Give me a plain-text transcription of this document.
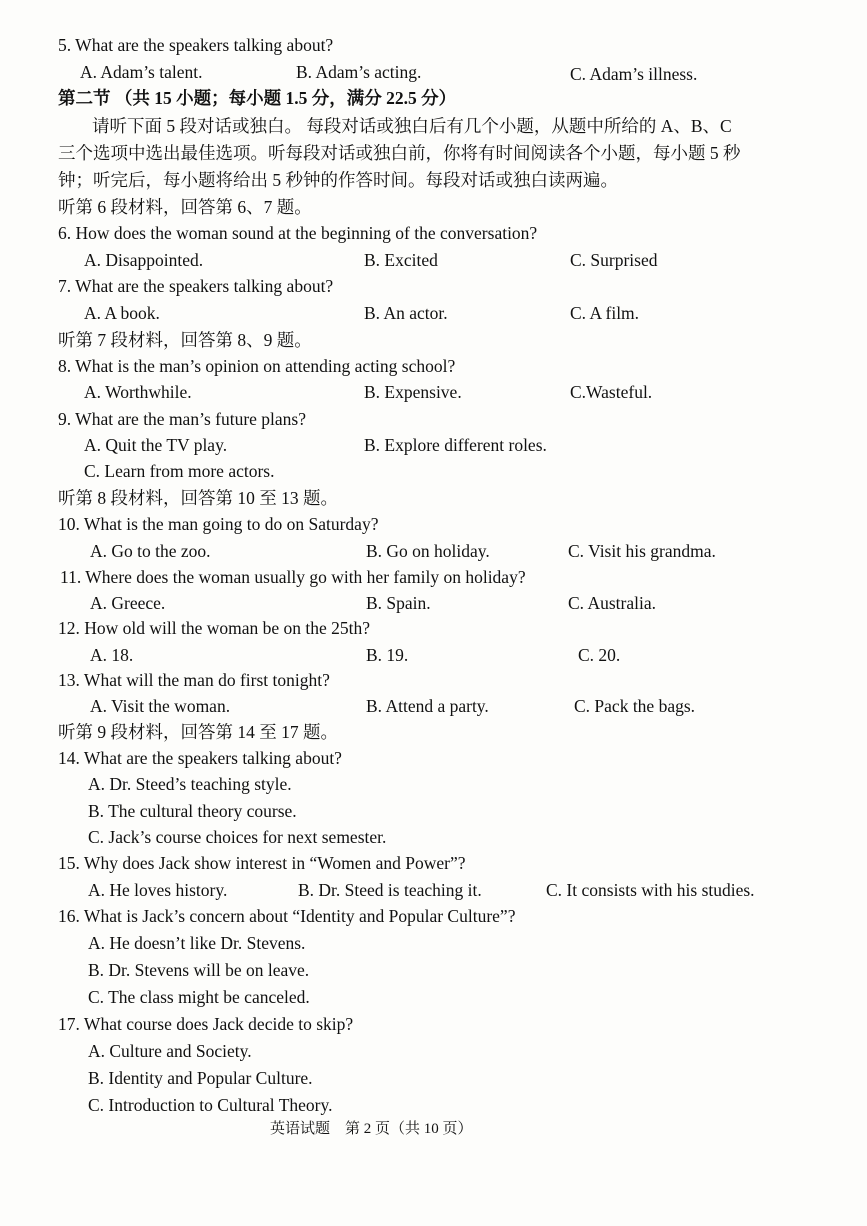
5. What are the speakers talking about?
A. Adam’s talent.	B. Adam’s acting.	C. Adam’s illness.
第二节 （共 15 小题；每小题 1.5 分，满分 22.5 分）
请听下面 5 段对话或独白。 每段对话或独白后有几个小题，从题中所给的 A、B、C
三个选项中选出最佳选项。听每段对话或独白前，你将有时间阅读各个小题，每小题 5 秒
钟；听完后，每小题将给出 5 秒钟的作答时间。每段对话或独白读两遍。
听第 6 段材料，回答第 6、7 题。
6. How does the woman sound at the beginning of the conversation?
A. Disappointed.	B. Excited	C. Surprised
7. What are the speakers talking about?
A. A book.	B. An actor.	C. A film.
听第 7 段材料，回答第 8、9 题。
8. What is the man’s opinion on attending acting school?
A. Worthwhile.	B. Expensive.	C.Wasteful.
9. What are the man’s future plans?
A. Quit the TV play.	B. Explore different roles.
C. Learn from more actors.
听第 8 段材料，回答第 10 至 13 题。
10. What is the man going to do on Saturday?
A. Go to the zoo.	B. Go on holiday.	C. Visit his grandma.
11. Where does the woman usually go with her family on holiday?
A. Greece.	B. Spain.	C. Australia.
12. How old will the woman be on the 25th?
A. 18.	B. 19.	C. 20.
13. What will the man do first tonight?
A. Visit the woman.	B. Attend a party.	C. Pack the bags.
听第 9 段材料，回答第 14 至 17 题。
14. What are the speakers talking about?
A. Dr. Steed’s teaching style.
B. The cultural theory course.
C. Jack’s course choices for next semester.
15. Why does Jack show interest in “Women and Power”?
A. He loves history.	B. Dr. Steed is teaching it.	C. It consists with his studies.
16. What is Jack’s concern about “Identity and Popular Culture”?
A. He doesn’t like Dr. Stevens.
B. Dr. Stevens will be on leave.
C. The class might be canceled.
17. What course does Jack decide to skip?
A. Culture and Society.
B. Identity and Popular Culture.
C. Introduction to Cultural Theory.
英语试题　第 2 页（共 10 页）
